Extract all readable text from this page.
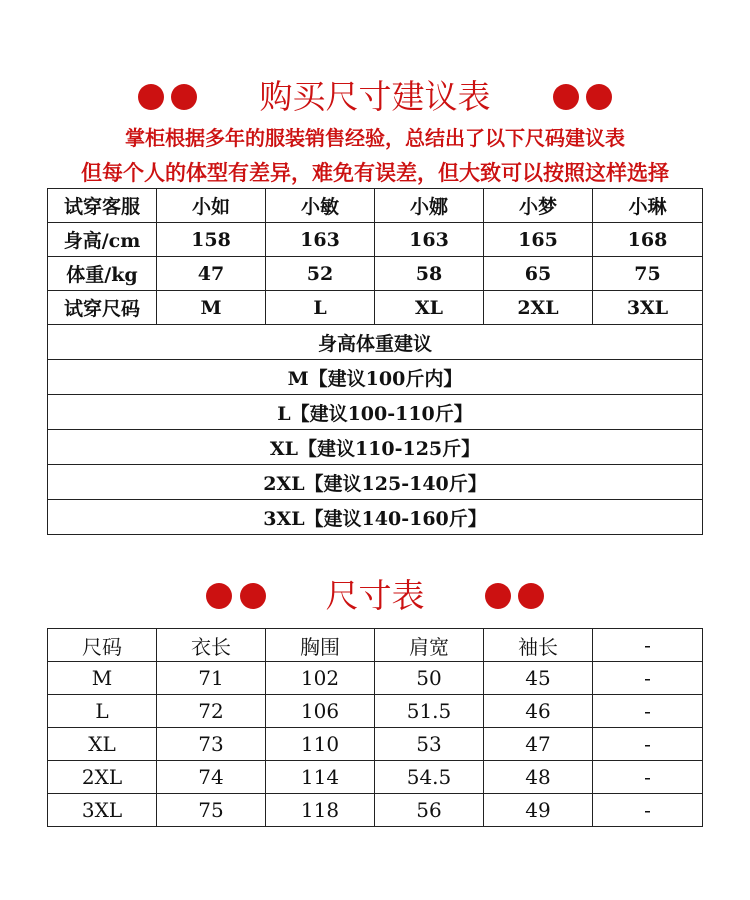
购买尺寸建议表
掌柜根据多年的服装销售经验，总结出了以下尺码建议表
但每个人的体型有差异，难免有误差，但大致可以按照这样选择
试穿客服	小如	小敏	小娜	小梦	小琳
身高/cm	158	163	163	165	168
体重/kg	47	52	58	65	75
试穿尺码	M	L	XL	2XL	3XL
身高体重建议					
M【建议100斤内】					
L【建议100-110斤】					
XL【建议110-125斤】					
2XL【建议125-140斤】					
3XL【建议140-160斤】					
尺寸表
尺码	衣长	胸围	肩宽	袖长	-
M	71	102	50	45	-
L	72	106	51.5	46	-
XL	73	110	53	47	-
2XL	74	114	54.5	48	-
3XL	75	118	56	49	-
